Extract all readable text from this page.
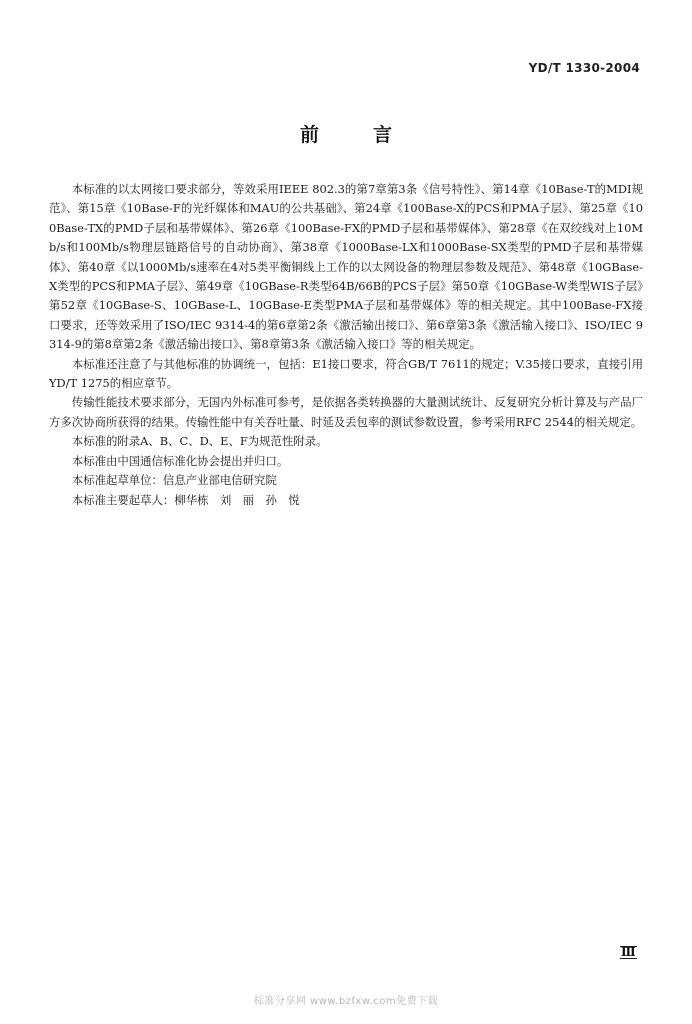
YD/T 1330-2004
前言

本标准的以太网接口要求部分，等效采用IEEE 802.3的第7章第3条《信号特性》、第14章《10Base-T的MDI规范》、第15章《10Base-F的光纤媒体和MAU的公共基础》、第24章《100Base-X的PCS和PMA子层》、第25章《100Base-TX的PMD子层和基带媒体》、第26章《100Base-FX的PMD子层和基带媒体》、第28章《在双绞线对上10Mb/s和100Mb/s物理层链路信号的自动协商》、第38章《1000Base-LX和1000Base-SX类型的PMD子层和基带媒体》、第40章《以1000Mb/s速率在4对5类平衡铜线上工作的以太网设备的物理层参数及规范》、第48章《10GBase-X类型的PCS和PMA子层》、第49章《10GBase-R类型64B/66B的PCS子层》第50章《10GBase-W类型WIS子层》第52章《10GBase-S、10GBase-L、10GBase-E类型PMA子层和基带媒体》等的相关规定。其中100Base-FX接口要求，还等效采用了ISO/IEC 9314-4的第6章第2条《激活输出接口》、第6章第3条《激活输入接口》、ISO/IEC 9314-9的第8章第2条《激活输出接口》、第8章第3条《激活输入接口》等的相关规定。

本标准还注意了与其他标准的协调统一，包括：E1接口要求，符合GB/T 7611的规定；V.35接口要求，直接引用YD/T 1275的相应章节。

传输性能技术要求部分，无国内外标准可参考，是依据各类转换器的大量测试统计、反复研究分析计算及与产品厂方多次协商所获得的结果。传输性能中有关吞吐量、时延及丢包率的测试参数设置，参考采用RFC 2544的相关规定。

本标准的附录A、B、C、D、E、F为规范性附录。

本标准由中国通信标准化协会提出并归口。

本标准起草单位：信息产业部电信研究院

本标准主要起草人：柳华栋　刘　丽　孙　悦

Ⅲ
标准分享网 www.bzfxw.com免费下载
